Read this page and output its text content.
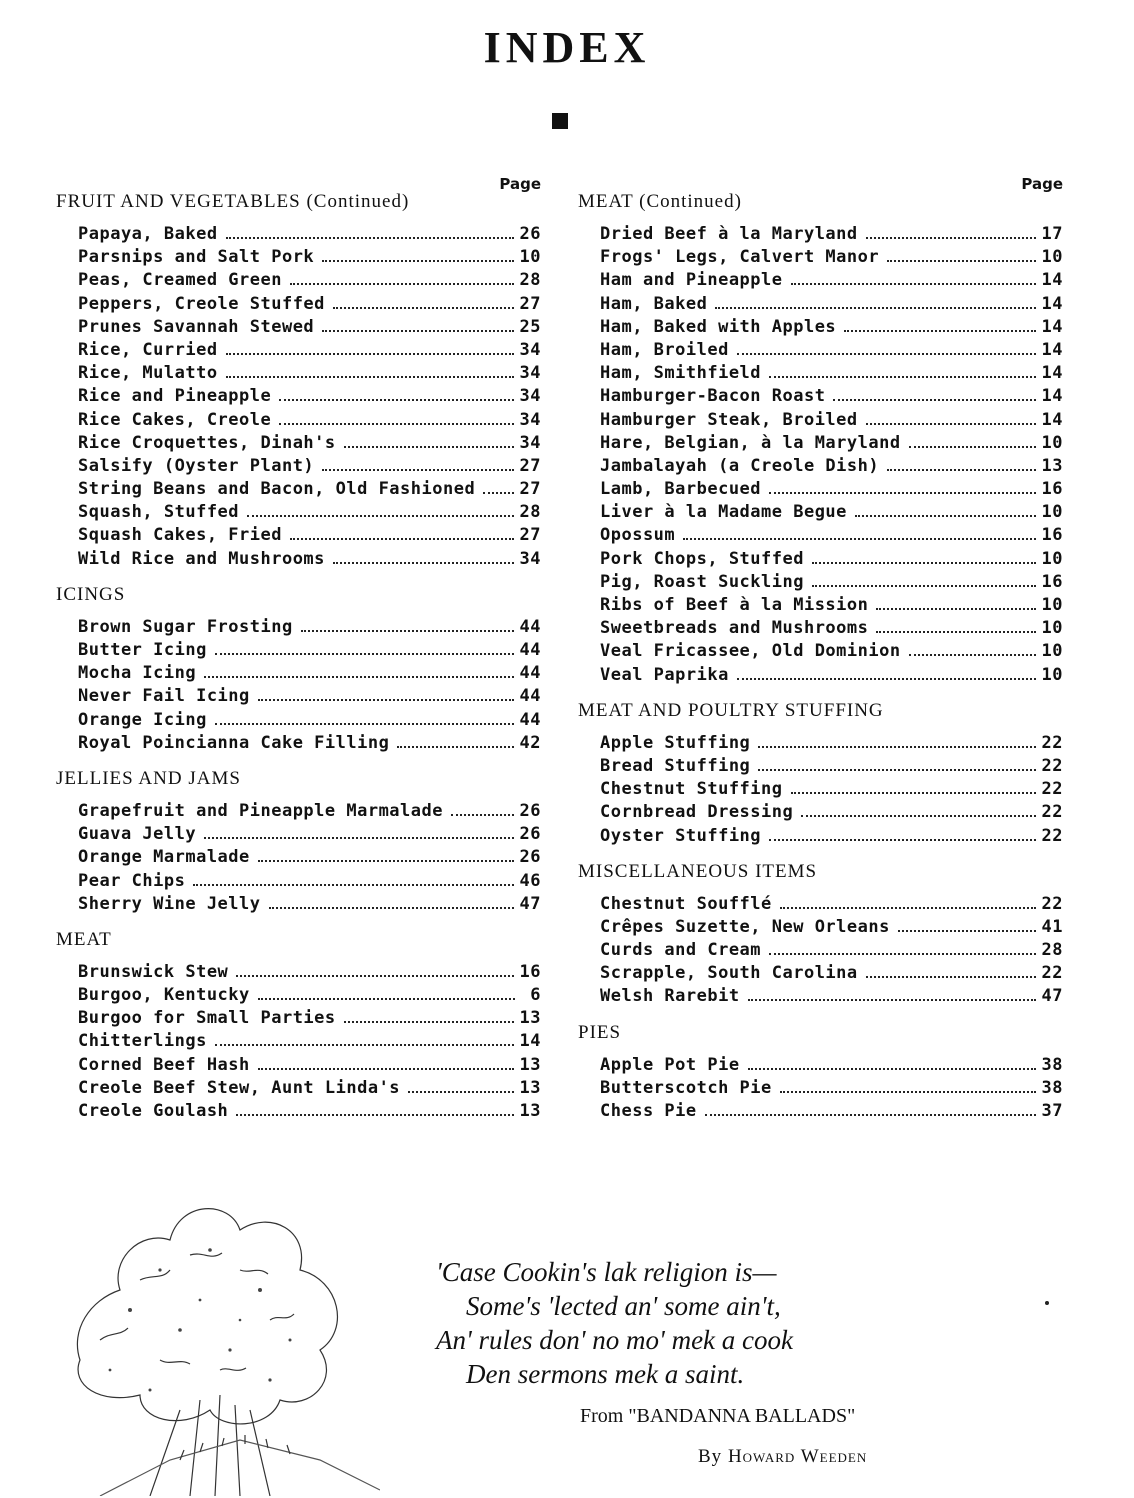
INDEX
Page
FRUIT AND VEGETABLES (Continued)
Papaya, Baked	26
Parsnips and Salt Pork	10
Peas, Creamed Green	28
Peppers, Creole Stuffed	27
Prunes Savannah Stewed	25
Rice, Curried	34
Rice, Mulatto	34
Rice and Pineapple	34
Rice Cakes, Creole	34
Rice Croquettes, Dinah's	34
Salsify (Oyster Plant)	27
String Beans and Bacon, Old Fashioned	27
Squash, Stuffed	28
Squash Cakes, Fried	27
Wild Rice and Mushrooms	34
ICINGS
Brown Sugar Frosting	44
Butter Icing	44
Mocha Icing	44
Never Fail Icing	44
Orange Icing	44
Royal Poincianna Cake Filling	42
JELLIES AND JAMS
Grapefruit and Pineapple Marmalade	26
Guava Jelly	26
Orange Marmalade	26
Pear Chips	46
Sherry Wine Jelly	47
MEAT
Brunswick Stew	16
Burgoo, Kentucky	6
Burgoo for Small Parties	13
Chitterlings	14
Corned Beef Hash	13
Creole Beef Stew, Aunt Linda's	13
Creole Goulash	13
Page
MEAT (Continued)
Dried Beef à la Maryland	17
Frogs' Legs, Calvert Manor	10
Ham and Pineapple	14
Ham, Baked	14
Ham, Baked with Apples	14
Ham, Broiled	14
Ham, Smithfield	14
Hamburger-Bacon Roast	14
Hamburger Steak, Broiled	14
Hare, Belgian, à la Maryland	10
Jambalayah (a Creole Dish)	13
Lamb, Barbecued	16
Liver à la Madame Begue	10
Opossum	16
Pork Chops, Stuffed	10
Pig, Roast Suckling	16
Ribs of Beef à la Mission	10
Sweetbreads and Mushrooms	10
Veal Fricassee, Old Dominion	10
Veal Paprika	10
MEAT AND POULTRY STUFFING
Apple Stuffing	22
Bread Stuffing	22
Chestnut Stuffing	22
Cornbread Dressing	22
Oyster Stuffing	22
MISCELLANEOUS ITEMS
Chestnut Soufflé	22
Crêpes Suzette, New Orleans	41
Curds and Cream	28
Scrapple, South Carolina	22
Welsh Rarebit	47
PIES
Apple Pot Pie	38
Butterscotch Pie	38
Chess Pie	37
'Case Cookin's lak religion is—
Some's 'lected an' some ain't,
An' rules don' no mo' mek a cook
Den sermons mek a saint.
From "BANDANNA BALLADS"
By Howard Weeden
